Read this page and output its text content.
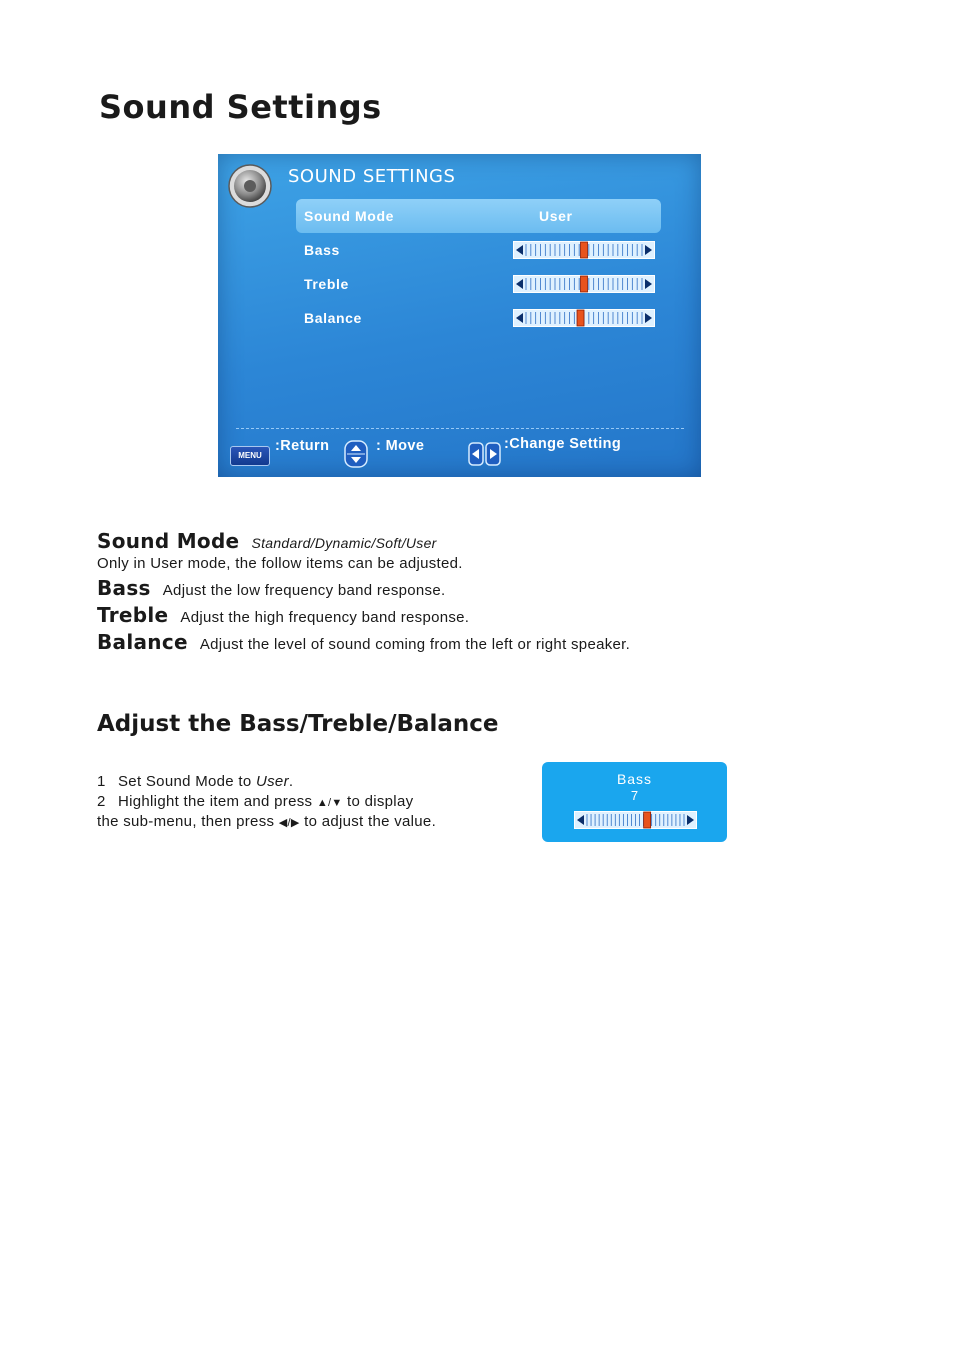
Sound Settings
SOUND SETTINGS
Sound Mode	User
Bass
Treble
Balance
MENU
:Return	: Move	:Change Setting
Sound Mode Standard/Dynamic/Soft/User
Only in User mode, the follow items can be adjusted.
Bass Adjust the low frequency band response.
Treble Adjust the high frequency band response.
Balance Adjust the level of sound coming from the left or right speaker.
Adjust the Bass/Treble/Balance
1 Set Sound Mode to User.
2 Highlight the item and press ▲/▼ to display
the sub-menu, then press ◀/▶ to adjust the value.
Bass
7
